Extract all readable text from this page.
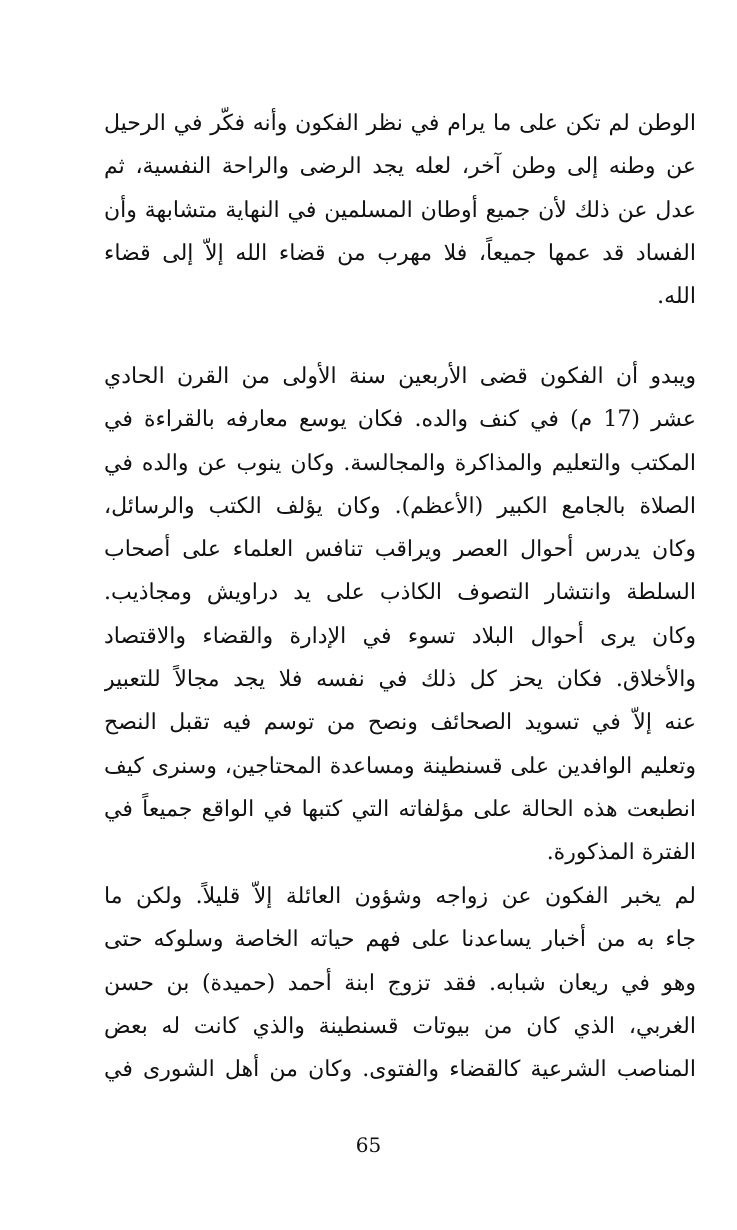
الوطن لم تكن على ما يرام في نظر الفكون وأنه فكّر في الرحيل
عن وطنه إلى وطن آخر، لعله يجد الرضى والراحة النفسية، ثم
عدل عن ذلك لأن جميع أوطان المسلمين في النهاية متشابهة وأن
الفساد قد عمها جميعاً، فلا مهرب من قضاء الله إلاّ إلى قضاء
الله.
ويبدو أن الفكون قضى الأربعين سنة الأولى من القرن الحادي
عشر (17 م) في كنف والده. فكان يوسع معارفه بالقراءة في
المكتب والتعليم والمذاكرة والمجالسة. وكان ينوب عن والده في
الصلاة بالجامع الكبير (الأعظم). وكان يؤلف الكتب والرسائل،
وكان يدرس أحوال العصر ويراقب تنافس العلماء على أصحاب
السلطة وانتشار التصوف الكاذب على يد دراويش ومجاذيب.
وكان يرى أحوال البلاد تسوء في الإدارة والقضاء والاقتصاد
والأخلاق. فكان يحز كل ذلك في نفسه فلا يجد مجالاً للتعبير
عنه إلاّ في تسويد الصحائف ونصح من توسم فيه تقبل النصح
وتعليم الوافدين على قسنطينة ومساعدة المحتاجين، وسنرى كيف
انطبعت هذه الحالة على مؤلفاته التي كتبها في الواقع جميعاً في
الفترة المذكورة.
لم يخبر الفكون عن زواجه وشؤون العائلة إلاّ قليلاً. ولكن ما
جاء به من أخبار يساعدنا على فهم حياته الخاصة وسلوكه حتى
وهو في ريعان شبابه. فقد تزوج ابنة أحمد (حميدة) بن حسن
الغربي، الذي كان من بيوتات قسنطينة والذي كانت له بعض
المناصب الشرعية كالقضاء والفتوى. وكان من أهل الشورى في
65
